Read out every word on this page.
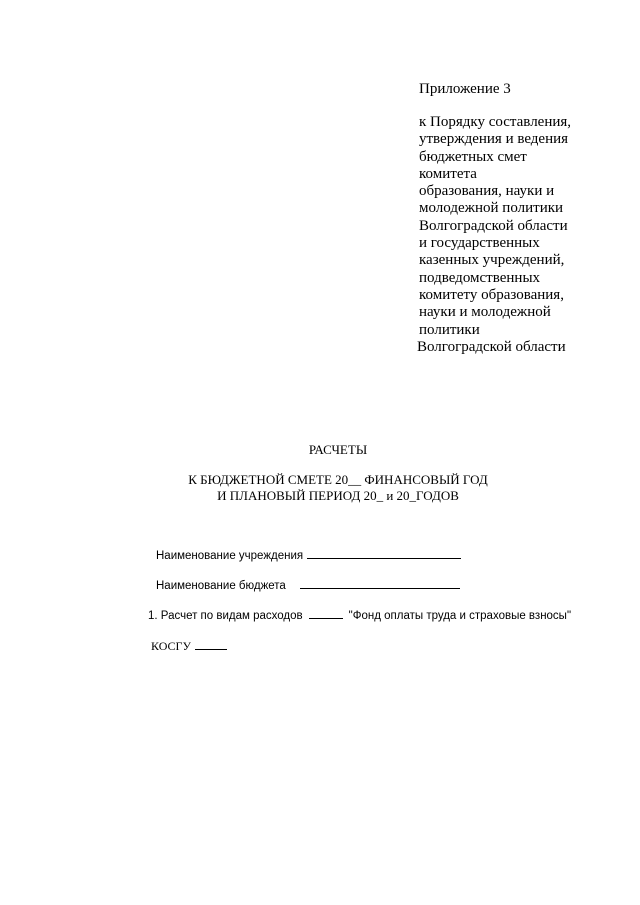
Приложение 3
к Порядку составления,
утверждения и ведения
бюджетных смет
комитета
образования, науки и
молодежной политики
Волгоградской области
и государственных
казенных учреждений,
подведомственных
комитету образования,
науки и молодежной
политики
Волгоградской области
РАСЧЕТЫ
К БЮДЖЕТНОЙ СМЕТЕ 20__ ФИНАНСОВЫЙ ГОД
И ПЛАНОВЫЙ ПЕРИОД 20_ и 20_ГОДОВ
Наименование учреждения
Наименование бюджета
1. Расчет по видам расходов	"Фонд оплаты труда и страховые взносы"
КОСГУ
